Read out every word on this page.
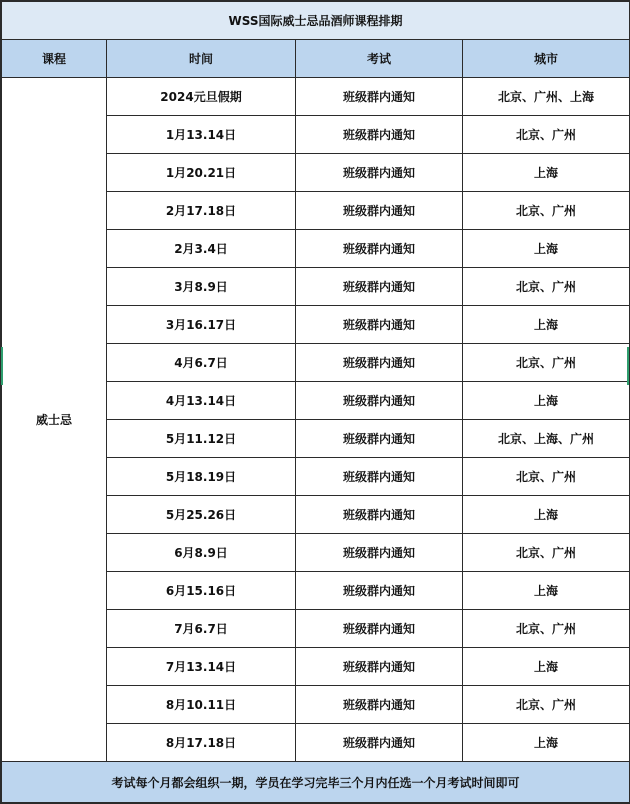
WSS国际威士忌品酒师课程排期			
课程	时间	考试	城市
威士忌	2024元旦假期	班级群内通知	北京、广州、上海
	1月13.14日	班级群内通知	北京、广州
	1月20.21日	班级群内通知	上海
	2月17.18日	班级群内通知	北京、广州
	2月3.4日	班级群内通知	上海
	3月8.9日	班级群内通知	北京、广州
	3月16.17日	班级群内通知	上海
	4月6.7日	班级群内通知	北京、广州
	4月13.14日	班级群内通知	上海
	5月11.12日	班级群内通知	北京、上海、广州
	5月18.19日	班级群内通知	北京、广州
	5月25.26日	班级群内通知	上海
	6月8.9日	班级群内通知	北京、广州
	6月15.16日	班级群内通知	上海
	7月6.7日	班级群内通知	北京、广州
	7月13.14日	班级群内通知	上海
	8月10.11日	班级群内通知	北京、广州
	8月17.18日	班级群内通知	上海
考试每个月都会组织一期，学员在学习完毕三个月内任选一个月考试时间即可			
